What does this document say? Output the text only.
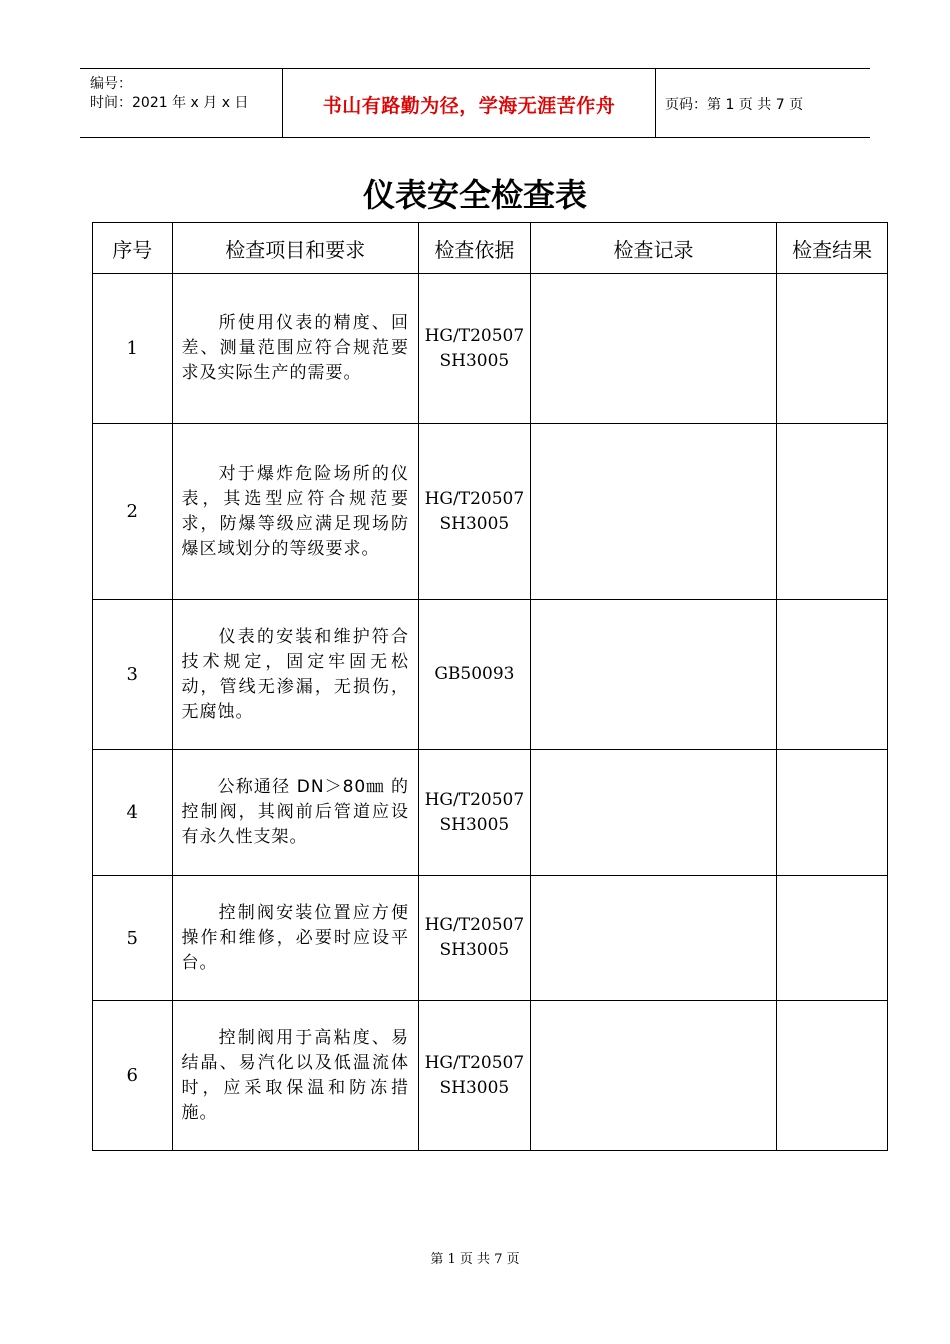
编号：
时间：2021 年 x 月 x 日	书山有路勤为径，学海无涯苦作舟	页码：第 1 页 共 7 页
仪表安全检查表
序号	检查项目和要求	检查依据	检查记录	检查结果
1	所使用仪表的精度、回差、测量范围应符合规范要求及实际生产的需要。	HG/T20507
SH3005		

2	对于爆炸危险场所的仪表，其选型应符合规范要求，防爆等级应满足现场防爆区域划分的等级要求。	HG/T20507
SH3005		

3	仪表的安装和维护符合技术规定，固定牢固无松动，管线无渗漏，无损伤，无腐蚀。	GB50093		

4	公称通径 DN＞80㎜ 的控制阀，其阀前后管道应设有永久性支架。	HG/T20507
SH3005		

5	控制阀安装位置应方便操作和维修，必要时应设平台。	HG/T20507
SH3005		

6	控制阀用于高粘度、易结晶、易汽化以及低温流体时，应采取保温和防冻措施。	HG/T20507
SH3005		

第 1 页 共 7 页
